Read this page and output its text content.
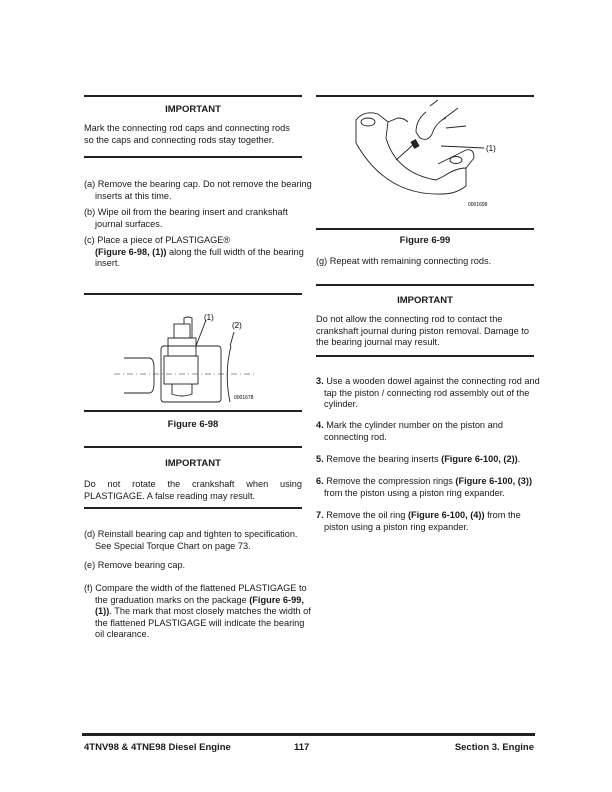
IMPORTANT
Mark the connecting rod caps and connecting rods so the caps and connecting rods stay together.
(a) Remove the bearing cap. Do not remove the bearing inserts at this time.
(b) Wipe oil from the bearing insert and crankshaft journal surfaces.
(c) Place a piece of PLASTIGAGE®
(Figure 6-98, (1)) along the full width of the bearing insert.
(1)
(2)
0001678
Figure 6-98
IMPORTANT
Do not rotate the crankshaft when using PLASTIGAGE. A false reading may result.
(d) Reinstall bearing cap and tighten to specification. See Special Torque Chart on page 73.
(e) Remove bearing cap.
(f) Compare the width of the flattened PLASTIGAGE to the graduation marks on the package (Figure 6-99, (1)). The mark that most closely matches the width of the flattened PLASTIGAGE will indicate the bearing oil clearance.
(1)
0001699
Figure 6-99
(g) Repeat with remaining connecting rods.
IMPORTANT
Do not allow the connecting rod to contact the crankshaft journal during piston removal. Damage to the bearing journal may result.
3. Use a wooden dowel against the connecting rod and tap the piston / connecting rod assembly out of the cylinder.
4. Mark the cylinder number on the piston and connecting rod.
5. Remove the bearing inserts (Figure 6-100, (2)).
6. Remove the compression rings (Figure 6-100, (3)) from the piston using a piston ring expander.
7. Remove the oil ring (Figure 6-100, (4)) from the piston using a piston ring expander.
4TNV98 & 4TNE98 Diesel Engine	117	Section 3. Engine
